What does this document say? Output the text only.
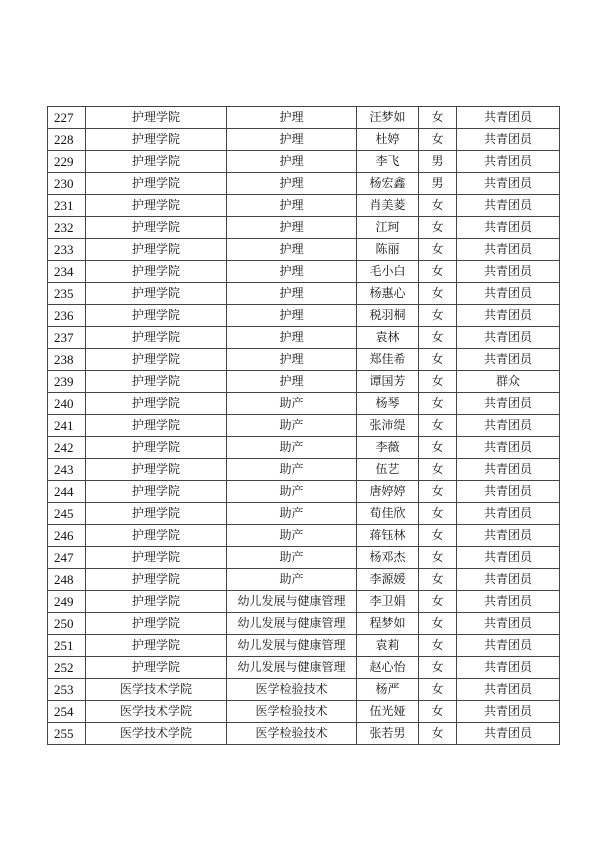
227	护理学院	护理	汪梦如	女	共青团员
228	护理学院	护理	杜婷	女	共青团员
229	护理学院	护理	李飞	男	共青团员
230	护理学院	护理	杨宏鑫	男	共青团员
231	护理学院	护理	肖美菱	女	共青团员
232	护理学院	护理	江珂	女	共青团员
233	护理学院	护理	陈丽	女	共青团员
234	护理学院	护理	毛小白	女	共青团员
235	护理学院	护理	杨惠心	女	共青团员
236	护理学院	护理	税羽桐	女	共青团员
237	护理学院	护理	袁林	女	共青团员
238	护理学院	护理	郑佳希	女	共青团员
239	护理学院	护理	谭国芳	女	群众
240	护理学院	助产	杨琴	女	共青团员
241	护理学院	助产	张沛缇	女	共青团员
242	护理学院	助产	李薇	女	共青团员
243	护理学院	助产	伍艺	女	共青团员
244	护理学院	助产	唐婷婷	女	共青团员
245	护理学院	助产	荀佳欣	女	共青团员
246	护理学院	助产	蒋钰林	女	共青团员
247	护理学院	助产	杨邓杰	女	共青团员
248	护理学院	助产	李源媛	女	共青团员
249	护理学院	幼儿发展与健康管理	李卫娟	女	共青团员
250	护理学院	幼儿发展与健康管理	程梦如	女	共青团员
251	护理学院	幼儿发展与健康管理	袁莉	女	共青团员
252	护理学院	幼儿发展与健康管理	赵心怡	女	共青团员
253	医学技术学院	医学检验技术	杨严	女	共青团员
254	医学技术学院	医学检验技术	伍光娅	女	共青团员
255	医学技术学院	医学检验技术	张若男	女	共青团员
